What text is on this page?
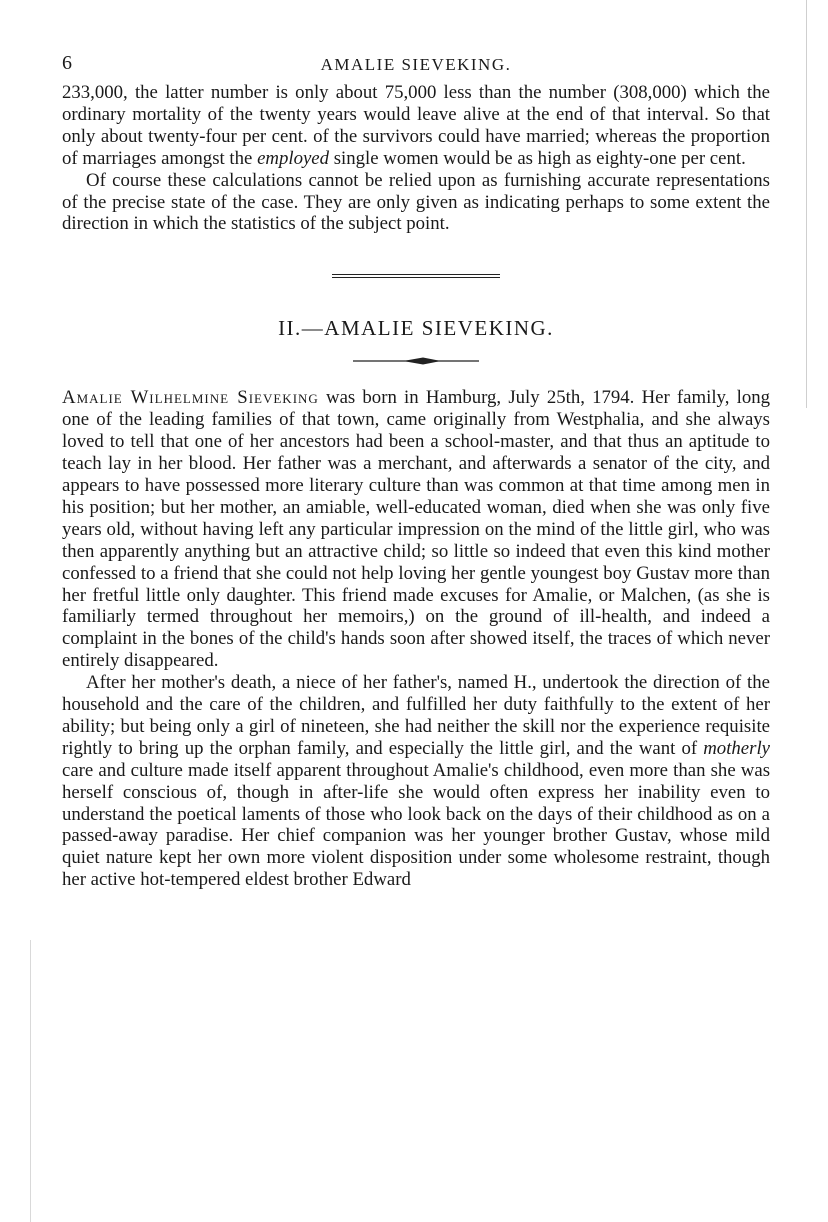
6	AMALIE SIEVEKING.

233,000, the latter number is only about 75,000 less than the number (308,000) which the ordinary mortality of the twenty years would leave alive at the end of that interval. So that only about twenty-four per cent. of the survivors could have married; whereas the proportion of marriages amongst the employed single women would be as high as eighty-one per cent.

Of course these calculations cannot be relied upon as furnishing accurate representations of the precise state of the case. They are only given as indicating perhaps to some extent the direction in which the statistics of the subject point.

II.—AMALIE SIEVEKING.

Amalie Wilhelmine Sieveking was born in Hamburg, July 25th, 1794. Her family, long one of the leading families of that town, came originally from Westphalia, and she always loved to tell that one of her ancestors had been a school-master, and that thus an aptitude to teach lay in her blood. Her father was a merchant, and afterwards a senator of the city, and appears to have possessed more literary culture than was common at that time among men in his position; but her mother, an amiable, well-educated woman, died when she was only five years old, without having left any particular impression on the mind of the little girl, who was then apparently anything but an attractive child; so little so indeed that even this kind mother confessed to a friend that she could not help loving her gentle youngest boy Gustav more than her fretful little only daughter. This friend made excuses for Amalie, or Malchen, (as she is familiarly termed throughout her memoirs,) on the ground of ill-health, and indeed a complaint in the bones of the child's hands soon after showed itself, the traces of which never entirely disappeared.

After her mother's death, a niece of her father's, named H., undertook the direction of the household and the care of the children, and fulfilled her duty faithfully to the extent of her ability; but being only a girl of nineteen, she had neither the skill nor the experience requisite rightly to bring up the orphan family, and especially the little girl, and the want of motherly care and culture made itself apparent throughout Amalie's childhood, even more than she was herself conscious of, though in after-life she would often express her inability even to understand the poetical laments of those who look back on the days of their childhood as on a passed-away paradise. Her chief companion was her younger brother Gustav, whose mild quiet nature kept her own more violent disposition under some wholesome restraint, though her active hot-tempered eldest brother Edward
